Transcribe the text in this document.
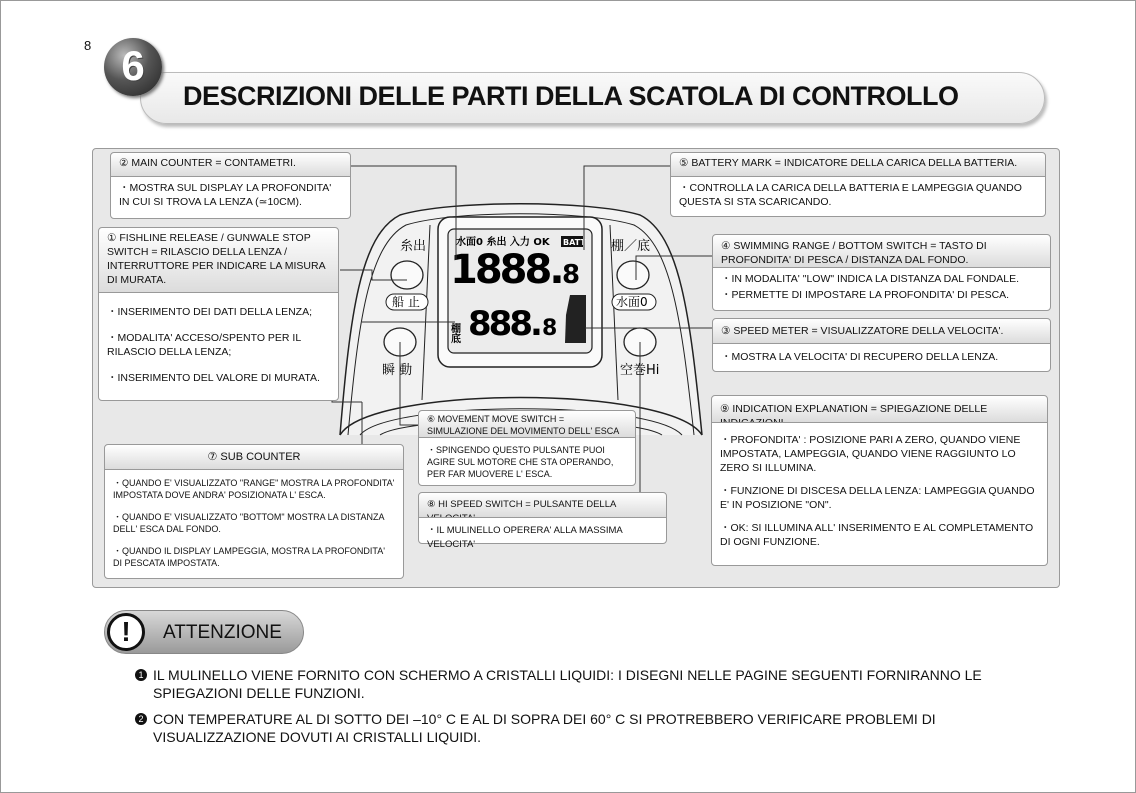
8
DESCRIZIONI DELLE PARTI DELLA SCATOLA DI CONTROLLO
6
水面0 糸出 入力 OK BATT
1888. 8
棚底 888. 8
糸出	棚／底
船 止	水面0
瞬 動	空巻Hi
② MAIN COUNTER = CONTAMETRI.

・MOSTRA SUL DISPLAY LA PROFONDITA' IN CUI SI TROVA LA LENZA (≃10CM).

① FISHLINE RELEASE / GUNWALE STOP SWITCH = RILASCIO DELLA LENZA / INTERRUTTORE PER INDICARE LA MISURA DI MURATA.

・INSERIMENTO DEI DATI DELLA LENZA;

・MODALITA' ACCESO/SPENTO PER IL RILASCIO DELLA LENZA;

・INSERIMENTO DEL VALORE DI MURATA.

⑤ BATTERY MARK = INDICATORE DELLA CARICA DELLA BATTERIA.

・CONTROLLA LA CARICA DELLA BATTERIA E LAMPEGGIA QUANDO QUESTA SI STA SCARICANDO.

④ SWIMMING RANGE / BOTTOM SWITCH = TASTO DI PROFONDITA' DI PESCA / DISTANZA DAL FONDO.

・IN MODALITA' "LOW" INDICA LA DISTANZA DAL FONDALE.

・PERMETTE DI IMPOSTARE LA PROFONDITA' DI PESCA.

③ SPEED METER = VISUALIZZATORE DELLA VELOCITA'.

・MOSTRA LA VELOCITA' DI RECUPERO DELLA LENZA.

⑨ INDICATION EXPLANATION = SPIEGAZIONE DELLE

・PROFONDITA' : POSIZIONE PARI A ZERO, QUANDO VIENE IMPOSTATA, LAMPEGGIA, QUANDO VIENE RAGGIUNTO LO ZERO SI ILLUMINA.

・FUNZIONE DI DISCESA DELLA LENZA: LAMPEGGIA QUANDO E' IN POSIZIONE "ON".

・OK: SI ILLUMINA ALL' INSERIMENTO E AL COMPLETAMENTO DI OGNI FUNZIONE.

⑥ MOVEMENT MOVE SWITCH = SIMULAZIONE DEL MOVIMENTO DELL' ESCA

・SPINGENDO QUESTO PULSANTE PUOI AGIRE SUL MOTORE CHE STA OPERANDO, PER FAR MUOVERE L' ESCA.

⑧ HI SPEED SWITCH = PULSANTE DELLA

・IL MULINELLO OPERERA' ALLA MASSIMA VELOCITA'

⑦ SUB COUNTER

・QUANDO E' VISUALIZZATO "RANGE" MOSTRA LA PROFONDITA' IMPOSTATA DOVE ANDRA' POSIZIONATA L' ESCA.

・QUANDO E' VISUALIZZATO "BOTTOM" MOSTRA LA DISTANZA DELL' ESCA DAL FONDO.

・QUANDO IL DISPLAY LAMPEGGIA, MOSTRA LA PROFONDITA' DI PESCATA IMPOSTATA.

!	ATTENZIONE
1 IL MULINELLO VIENE FORNITO CON SCHERMO A CRISTALLI LIQUIDI: I DISEGNI NELLE PAGINE SEGUENTI FORNIRANNO LE SPIEGAZIONI DELLE FUNZIONI.
2 CON TEMPERATURE AL DI SOTTO DEI –10° C E AL DI SOPRA DEI 60° C SI PROTREBBERO VERIFICARE PROBLEMI DI VISUALIZZAZIONE DOVUTI AI CRISTALLI LIQUIDI.
